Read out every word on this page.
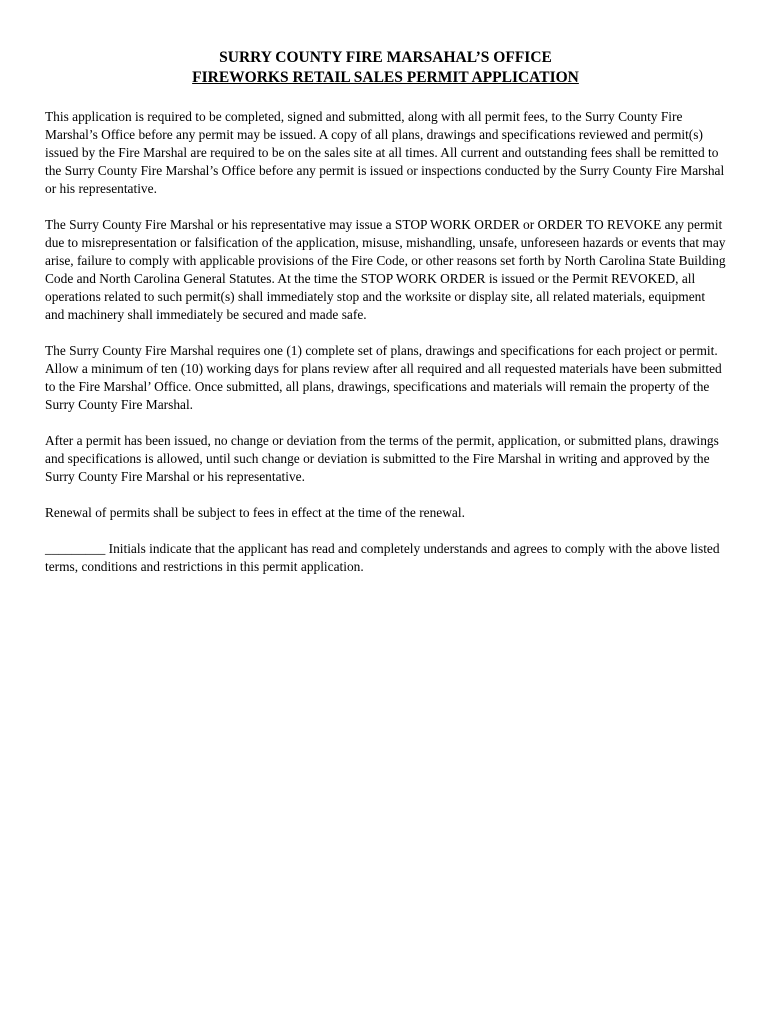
SURRY COUNTY FIRE MARSAHAL’S OFFICE
FIREWORKS RETAIL SALES PERMIT APPLICATION

This application is required to be completed, signed and submitted, along with all permit fees, to the Surry County Fire Marshal’s Office before any permit may be issued. A copy of all plans, drawings and specifications reviewed and permit(s) issued by the Fire Marshal are required to be on the sales site at all times. All current and outstanding fees shall be remitted to the Surry County Fire Marshal’s Office before any permit is issued or inspections conducted by the Surry County Fire Marshal or his representative.

The Surry County Fire Marshal or his representative may issue a STOP WORK ORDER or ORDER TO REVOKE any permit due to misrepresentation or falsification of the application, misuse, mishandling, unsafe, unforeseen hazards or events that may arise, failure to comply with applicable provisions of the Fire Code, or other reasons set forth by North Carolina State Building Code and North Carolina General Statutes. At the time the STOP WORK ORDER is issued or the Permit REVOKED, all operations related to such permit(s) shall immediately stop and the worksite or display site, all related materials, equipment and machinery shall immediately be secured and made safe.

The Surry County Fire Marshal requires one (1) complete set of plans, drawings and specifications for each project or permit. Allow a minimum of ten (10) working days for plans review after all required and all requested materials have been submitted to the Fire Marshal’ Office. Once submitted, all plans, drawings, specifications and materials will remain the property of the Surry County Fire Marshal.

After a permit has been issued, no change or deviation from the terms of the permit, application, or submitted plans, drawings and specifications is allowed, until such change or deviation is submitted to the Fire Marshal in writing and approved by the Surry County Fire Marshal or his representative.

Renewal of permits shall be subject to fees in effect at the time of the renewal.

_________ Initials indicate that the applicant has read and completely understands and agrees to comply with the above listed terms, conditions and restrictions in this permit application.
